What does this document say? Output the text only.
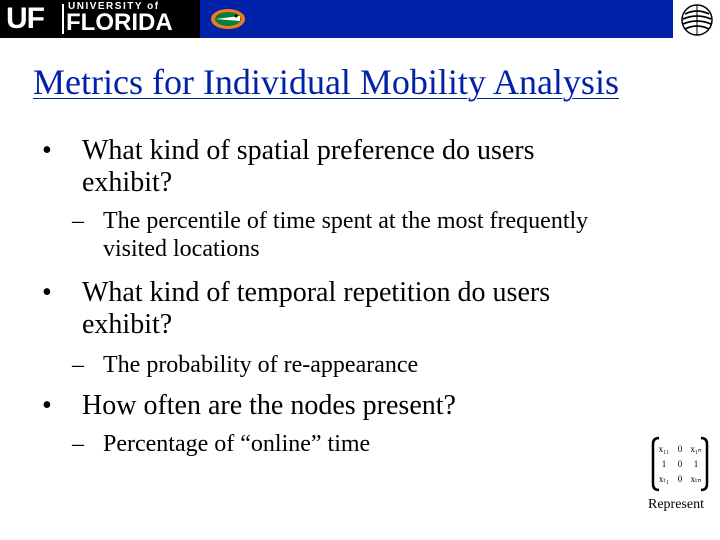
UF UNIVERSITY of
FLORIDA
Metrics for Individual Mobility Analysis
• What kind of spatial preference do users
exhibit?
– The percentile of time spent at the most frequently
visited locations
• What kind of temporal repetition do users
exhibit?
– The probability of re-appearance
• How often are the nodes present?
– Percentage of “online” time	x₁₁ 0 x₁ₙ
1 0 1
xₜ₁ 0 xₜₙ
Represent
